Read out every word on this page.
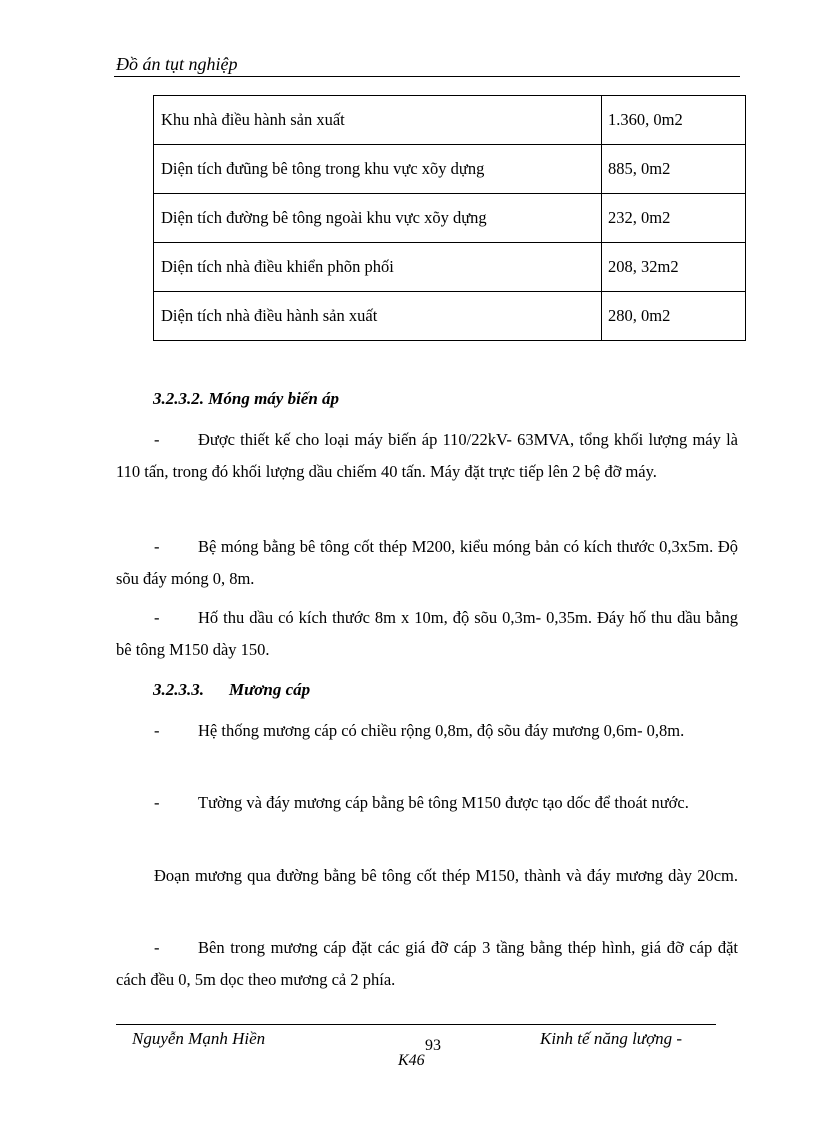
Đồ án tụt nghiệp
Khu nhà điều hành sản xuất	1.360, 0m2
Diện tích đưũng bê tông trong khu vực xõy dựng	885, 0m2
Diện tích đường bê tông ngoài khu vực xõy dựng	232, 0m2
Diện tích nhà điều khiển phõn phối	208, 32m2
Diện tích nhà điều hành sản xuất	280, 0m2
3.2.3.2. Móng máy biến áp
- Được thiết kế cho loại máy biến áp 110/22kV- 63MVA, tổng khối lượng máy là 110 tấn, trong đó khối lượng dầu chiếm 40 tấn. Máy đặt trực tiếp lên 2 bệ đỡ máy.
- Bệ móng bằng bê tông cốt thép M200, kiểu móng bản có kích thước 0,3x5m. Độ sõu đáy móng 0, 8m.
- Hố thu dầu có kích thước 8m x 10m, độ sõu 0,3m- 0,35m. Đáy hố thu dầu bằng bê tông M150 dày 150.
3.2.3.3. Mương cáp
- Hệ thống mương cáp có chiều rộng 0,8m, độ sõu đáy mương 0,6m- 0,8m.
- Tường và đáy mương cáp bằng bê tông M150 được tạo dốc để thoát nước.
Đoạn mương qua đường bằng bê tông cốt thép M150, thành và đáy mương dày 20cm.
- Bên trong mương cáp đặt các giá đỡ cáp 3 tầng bằng thép hình, giá đỡ cáp đặt cách đều 0, 5m dọc theo mương cả 2 phía.
Nguyễn Mạnh Hiền	93	Kinh tế năng lượng -
K46
